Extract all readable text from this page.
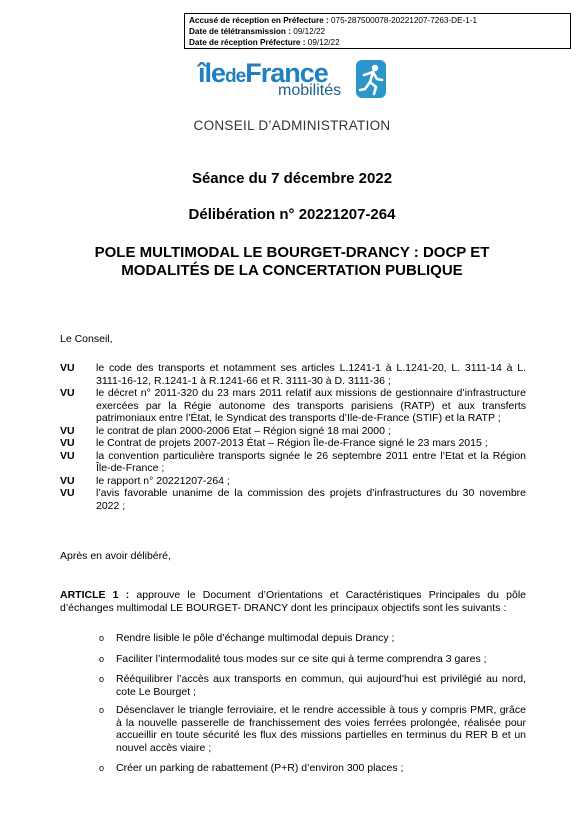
Accusé de réception en Préfecture : 075-287500078-20221207-7263-DE-1-1
Date de télétransmission : 09/12/22
Date de réception Préfecture : 09/12/22
îledeFrance
mobilités
CONSEIL D’ADMINISTRATION
Séance du 7 décembre 2022
Délibération n° 20221207-264
POLE MULTIMODAL LE BOURGET-DRANCY : DOCP ET
MODALITÉS DE LA CONCERTATION PUBLIQUE
Le Conseil,
VU	le code des transports et notamment ses articles L.1241-1 à L.1241-20, L. 3111-14 à L. 3111-16-12, R.1241-1 à R.1241-66 et R. 3111-30 à D. 3111-36 ;
VU	le décret n° 2011-320 du 23 mars 2011 relatif aux missions de gestionnaire d’infrastructure exercées par la Régie autonome des transports parisiens (RATP) et aux transferts patrimoniaux entre l’État, le Syndicat des transports d’Ile-de-France (STIF) et la RATP ;
VU	le contrat de plan 2000-2006 Etat – Région signé 18 mai 2000 ;
VU	le Contrat de projets 2007-2013 État – Région Île-de-France signé le 23 mars 2015 ;
VU	la convention particulière transports signée le 26 septembre 2011 entre l’Etat et la Région Île-de-France ;
VU	le rapport n° 20221207-264 ;
VU	l’avis favorable unanime de la commission des projets d’infrastructures du 30 novembre 2022 ;
Après en avoir délibéré,
ARTICLE 1 : approuve le Document d’Orientations et Caractéristiques Principales du pôle d’échanges multimodal LE BOURGET- DRANCY dont les principaux objectifs sont les suivants :
o Rendre lisible le pôle d’échange multimodal depuis Drancy ;
o Faciliter l’intermodalité tous modes sur ce site qui à terme comprendra 3 gares ;
o Rééquilibrer l’accès aux transports en commun, qui aujourd’hui est privilégié au nord, cote Le Bourget ;
o Désenclaver le triangle ferroviaire, et le rendre accessible à tous y compris PMR, grâce à la nouvelle passerelle de franchissement des voies ferrées prolongée, réalisée pour accueillir en toute sécurité les flux des missions partielles en terminus du RER B et un nouvel accès viaire ;
o Créer un parking de rabattement (P+R) d’environ 300 places ;
